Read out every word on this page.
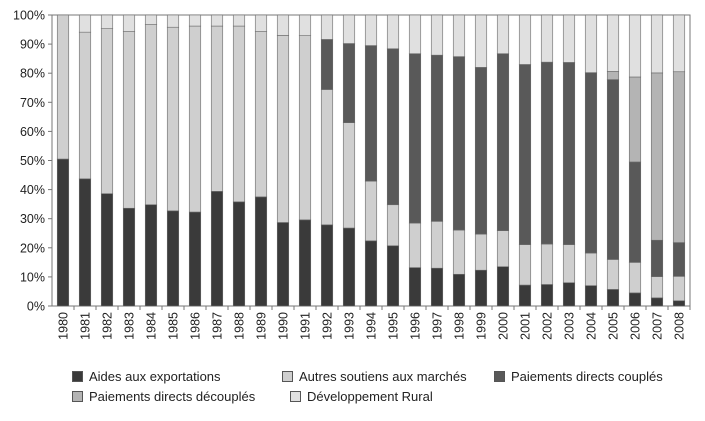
0%
10%
20%
30%
40%
50%
60%
70%
80%
90%
100%
1980 1981 1982 1983 1984 1985 1986 1987 1988 1989 1990 1991 1992 1993 1994 1995 1996 1997 1998 1999 2000 2001 2002 2003 2004 2005 2006 2007 2008
Aides aux exportations	Autres soutiens aux marchés	Paiements directs couplés
Paiements directs découplés	Développement Rural
